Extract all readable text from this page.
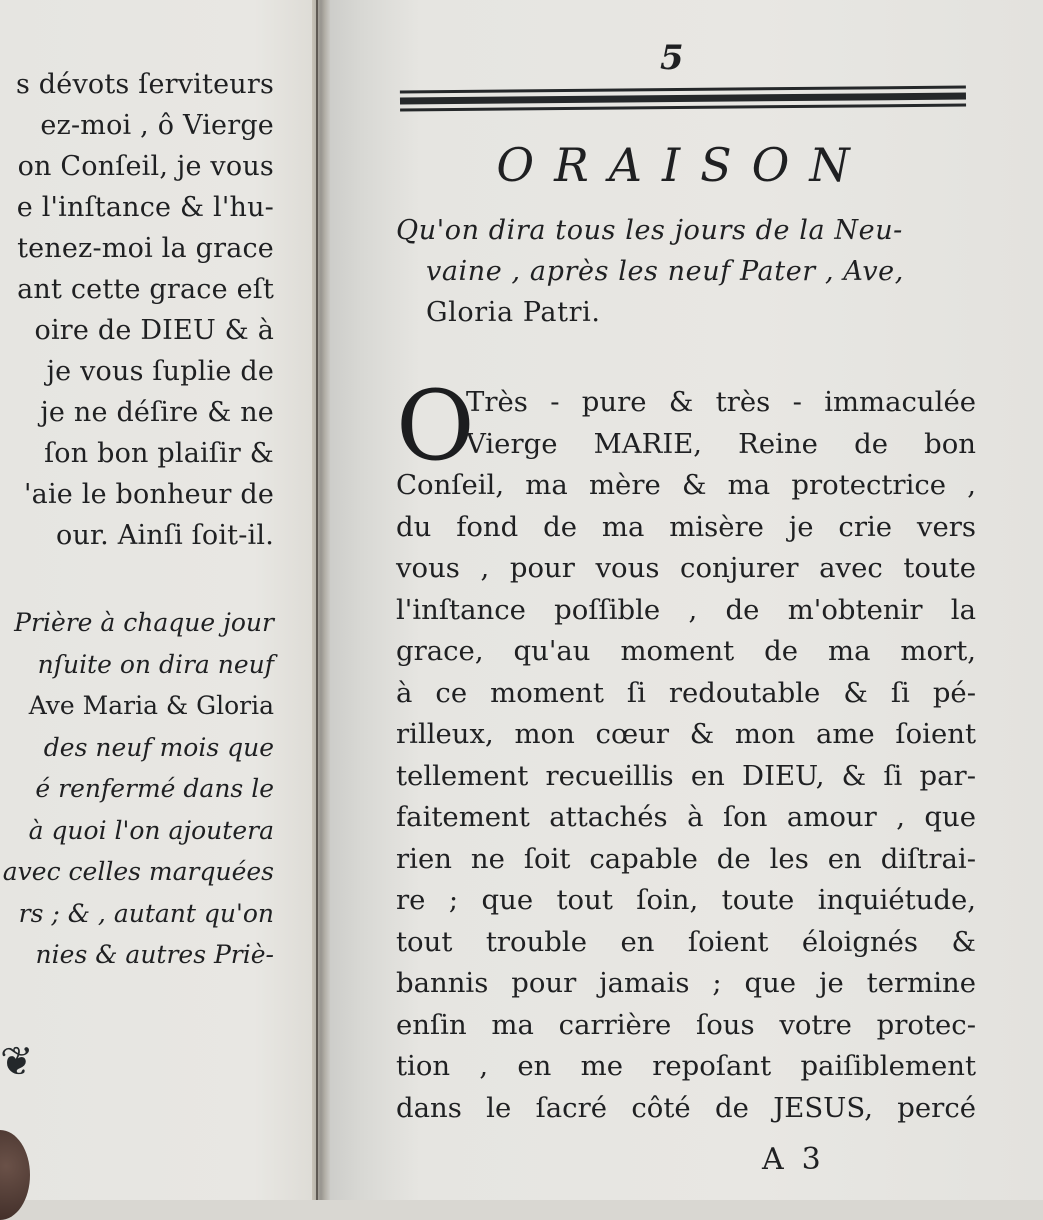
s dévots ſerviteurs
ez-moi , ô Vierge
on Conſeil, je vous
e l'inſtance & l'hu-
tenez-moi la grace
ant cette grace eſt
oire de DIEU & à
je vous ſuplie de
je ne déſire & ne
ſon bon plaiſir &
'aie le bonheur de
our. Ainſi ſoit-il.
Prière à chaque jour
nſuite on dira neuf
Ave Maria & Gloria
des neuf mois que
é renfermé dans le
à quoi l'on ajoutera
avec celles marquées
rs ; & , autant qu'on
nies & autres Priè-
❦
5
ORAISON
Qu'on dira tous les jours de la Neu-
vaine , après les neuf Pater , Ave,
Gloria Patri.
O
Très - pure & très - immaculée
Vierge MARIE, Reine de bon
Conſeil, ma mère & ma protectrice ,
du fond de ma misère je crie vers
vous , pour vous conjurer avec toute
l'inſtance poſſible , de m'obtenir la
grace, qu'au moment de ma mort,
à ce moment ſi redoutable & ſi pé-
rilleux, mon cœur & mon ame ſoient
tellement recueillis en DIEU, & ſi par-
faitement attachés à ſon amour , que
rien ne ſoit capable de les en diſtrai-
re ; que tout ſoin, toute inquiétude,
tout trouble en ſoient éloignés &
bannis pour jamais ; que je termine
enſin ma carrière ſous votre protec-
tion , en me repoſant paiſiblement
dans le ſacré côté de JESUS, percé
A 3
